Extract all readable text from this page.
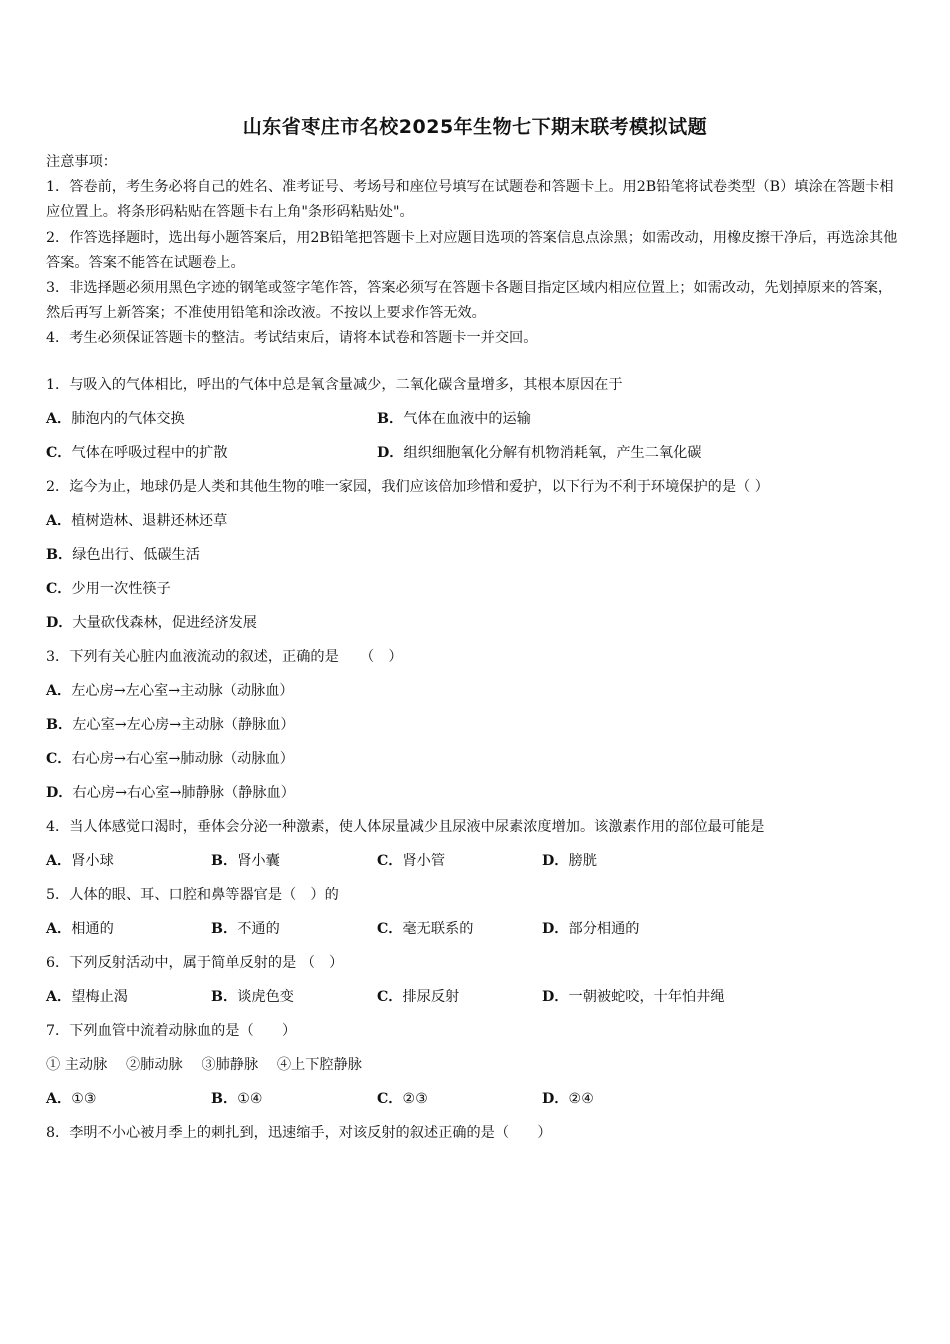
山东省枣庄市名校2025年生物七下期末联考模拟试题

注意事项：

1．答卷前，考生务必将自己的姓名、准考证号、考场号和座位号填写在试题卷和答题卡上。用2B铅笔将试卷类型（B）填涂在答题卡相应位置上。将条形码粘贴在答题卡右上角"条形码粘贴处"。

2．作答选择题时，选出每小题答案后，用2B铅笔把答题卡上对应题目选项的答案信息点涂黑；如需改动，用橡皮擦干净后，再选涂其他答案。答案不能答在试题卷上。

3．非选择题必须用黑色字迹的钢笔或签字笔作答，答案必须写在答题卡各题目指定区域内相应位置上；如需改动，先划掉原来的答案，然后再写上新答案；不准使用铅笔和涂改液。不按以上要求作答无效。

4．考生必须保证答题卡的整洁。考试结束后，请将本试卷和答题卡一并交回。

1．与吸入的气体相比，呼出的气体中总是氧含量减少，二氧化碳含量增多，其根本原因在于
A．肺泡内的气体交换	B．气体在血液中的运输
C．气体在呼吸过程中的扩散	D．组织细胞氧化分解有机物消耗氧，产生二氧化碳
2．迄今为止，地球仍是人类和其他生物的唯一家园，我们应该倍加珍惜和爱护，以下行为不利于环境保护的是（ ）
A．植树造林、退耕还林还草
B．绿色出行、低碳生活
C．少用一次性筷子
D．大量砍伐森林，促进经济发展
3．下列有关心脏内血液流动的叙述，正确的是　　（　）
A．左心房→左心室→主动脉（动脉血）
B．左心室→左心房→主动脉（静脉血）
C．右心房→右心室→肺动脉（动脉血）
D．右心房→右心室→肺静脉（静脉血）
4．当人体感觉口渴时，垂体会分泌一种激素，使人体尿量减少且尿液中尿素浓度增加。该激素作用的部位最可能是
A．肾小球	B．肾小囊	C．肾小管	D．膀胱
5．人体的眼、耳、口腔和鼻等器官是（　）的
A．相通的	B．不通的	C．毫无联系的	D．部分相通的
6．下列反射活动中，属于简单反射的是 （　）
A．望梅止渴	B．谈虎色变	C．排尿反射	D．一朝被蛇咬，十年怕井绳
7．下列血管中流着动脉血的是（　　）
① 主动脉　 ②肺动脉　 ③肺静脉　 ④上下腔静脉
A．①③	B．①④	C．②③	D．②④
8．李明不小心被月季上的刺扎到，迅速缩手，对该反射的叙述正确的是（　　）
